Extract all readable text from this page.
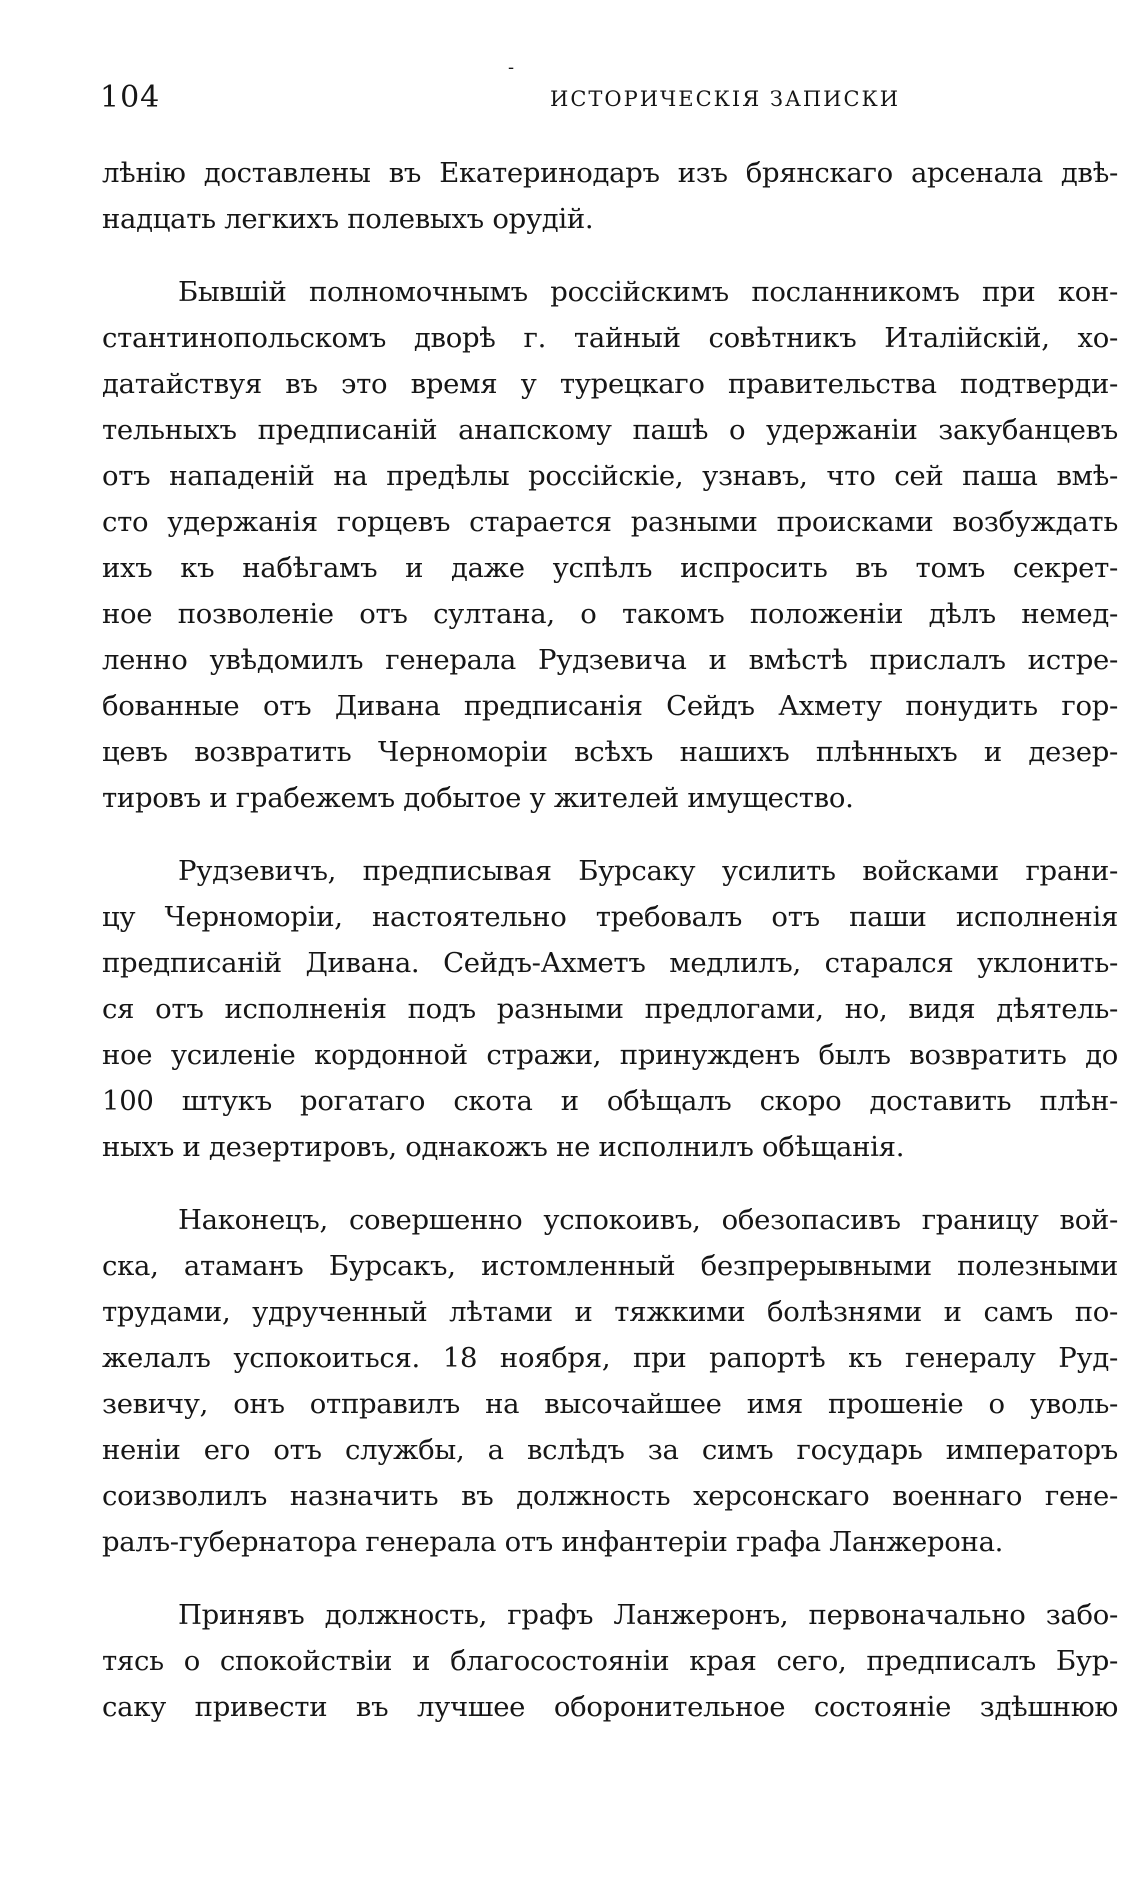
-
104	ИСТОРИЧЕСКІЯ ЗАПИСКИ

лѣнію доставлены въ Екатеринодаръ изъ брянскаго арсенала двѣ-
надцать легкихъ полевыхъ орудій.

Бывшій полномочнымъ россійскимъ посланникомъ при кон-
стантинопольскомъ дворѣ г. тайный совѣтникъ Италійскій, хо-
датайствуя въ это время у турецкаго правительства подтверди-
тельныхъ предписаній анапскому пашѣ о удержаніи закубанцевъ
отъ нападеній на предѣлы россійскіе, узнавъ, что сей паша вмѣ-
сто удержанія горцевъ старается разными происками возбуждать
ихъ къ набѣгамъ и даже успѣлъ испросить въ томъ секрет-
ное позволеніе отъ султана, о такомъ положеніи дѣлъ немед-
ленно увѣдомилъ генерала Рудзевича и вмѣстѣ прислалъ истре-
бованные отъ Дивана предписанія Сейдъ Ахмету понудить гор-
цевъ возвратить Черноморіи всѣхъ нашихъ плѣнныхъ и дезер-
тировъ и грабежемъ добытое у жителей имущество.

Рудзевичъ, предписывая Бурсаку усилить войсками грани-
цу Черноморіи, настоятельно требовалъ отъ паши исполненія
предписаній Дивана. Сейдъ-Ахметъ медлилъ, старался уклонить-
ся отъ исполненія подъ разными предлогами, но, видя дѣятель-
ное усиленіе кордонной стражи, принужденъ былъ возвратить до
100 штукъ рогатаго скота и обѣщалъ скоро доставить плѣн-
ныхъ и дезертировъ, однакожъ не исполнилъ обѣщанія.

Наконецъ, совершенно успокоивъ, обезопасивъ границу вой-
ска, атаманъ Бурсакъ, истомленный безпрерывными полезными
трудами, удрученный лѣтами и тяжкими болѣзнями и самъ по-
желалъ успокоиться. 18 ноября, при рапортѣ къ генералу Руд-
зевичу, онъ отправилъ на высочайшее имя прошеніе о уволь-
неніи его отъ службы, а вслѣдъ за симъ государь императоръ
соизволилъ назначить въ должность херсонскаго военнаго гене-
ралъ-губернатора генерала отъ инфантеріи графа Ланжерона.

Принявъ должность, графъ Ланжеронъ, первоначально забо-
тясь о спокойствіи и благосостояніи края сего, предписалъ Бур-
саку привести въ лучшее оборонительное состояніе здѣшнюю
